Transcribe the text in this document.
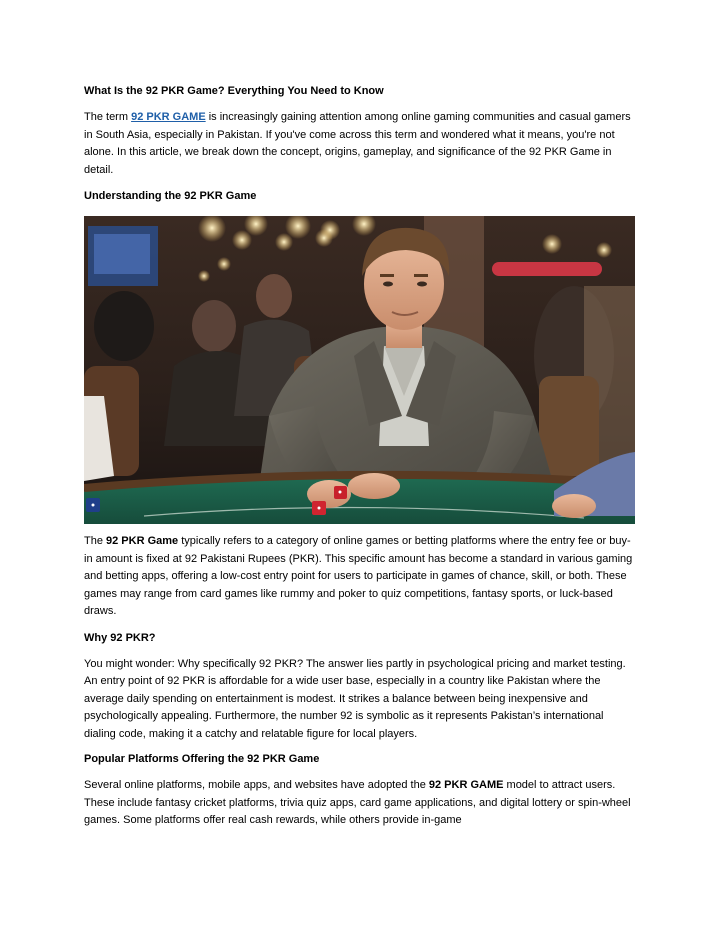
What Is the 92 PKR Game? Everything You Need to Know

The term 92 PKR GAME is increasingly gaining attention among online gaming communities and casual gamers in South Asia, especially in Pakistan. If you've come across this term and wondered what it means, you're not alone. In this article, we break down the concept, origins, gameplay, and significance of the 92 PKR Game in detail.

Understanding the 92 PKR Game

The 92 PKR Game typically refers to a category of online games or betting platforms where the entry fee or buy-in amount is fixed at 92 Pakistani Rupees (PKR). This specific amount has become a standard in various gaming and betting apps, offering a low-cost entry point for users to participate in games of chance, skill, or both. These games may range from card games like rummy and poker to quiz competitions, fantasy sports, or luck-based draws.

Why 92 PKR?

You might wonder: Why specifically 92 PKR? The answer lies partly in psychological pricing and market testing. An entry point of 92 PKR is affordable for a wide user base, especially in a country like Pakistan where the average daily spending on entertainment is modest. It strikes a balance between being inexpensive and psychologically appealing. Furthermore, the number 92 is symbolic as it represents Pakistan’s international dialing code, making it a catchy and relatable figure for local players.

Popular Platforms Offering the 92 PKR Game

Several online platforms, mobile apps, and websites have adopted the 92 PKR GAME model to attract users. These include fantasy cricket platforms, trivia quiz apps, card game applications, and digital lottery or spin-wheel games. Some platforms offer real cash rewards, while others provide in-game
